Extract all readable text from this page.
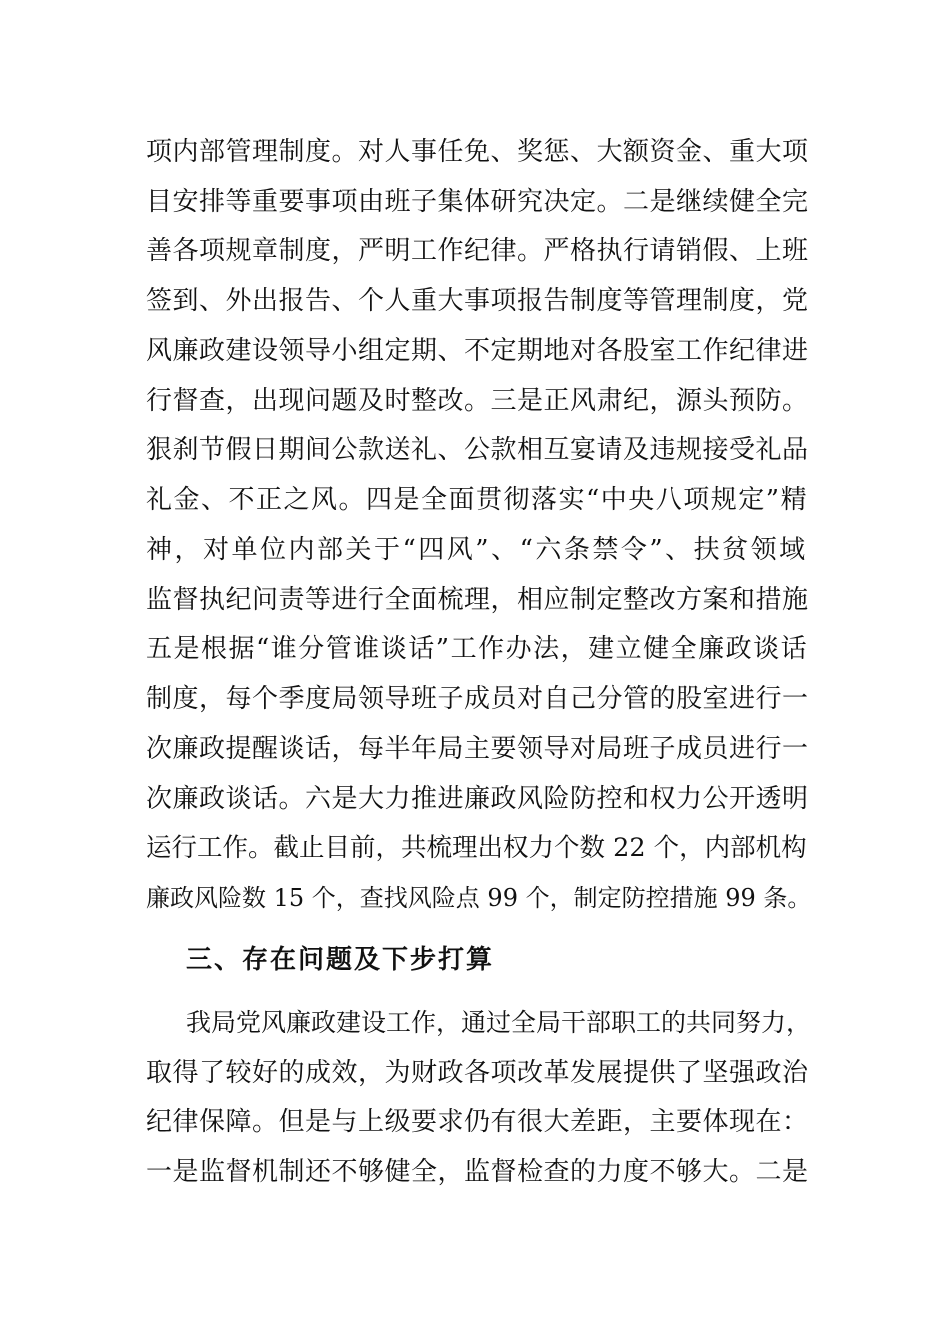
项内部管理制度。对人事任免、奖惩、大额资金、重大项
目安排等重要事项由班子集体研究决定。二是继续健全完
善各项规章制度，严明工作纪律。严格执行请销假、上班
签到、外出报告、个人重大事项报告制度等管理制度，党
风廉政建设领导小组定期、不定期地对各股室工作纪律进
行督查，出现问题及时整改。三是正风肃纪，源头预防。
狠刹节假日期间公款送礼、公款相互宴请及违规接受礼品
礼金、不正之风。四是全面贯彻落实“中央八项规定”精
神，对单位内部关于“四风”、“六条禁令”、扶贫领域
监督执纪问责等进行全面梳理，相应制定整改方案和措施
五是根据“谁分管谁谈话”工作办法，建立健全廉政谈话
制度，每个季度局领导班子成员对自己分管的股室进行一
次廉政提醒谈话，每半年局主要领导对局班子成员进行一
次廉政谈话。六是大力推进廉政风险防控和权力公开透明
运行工作。截止目前，共梳理出权力个数 22 个，内部机构
廉政风险数 15 个，查找风险点 99 个，制定防控措施 99 条。
三、存在问题及下步打算
我局党风廉政建设工作，通过全局干部职工的共同努力，
取得了较好的成效，为财政各项改革发展提供了坚强政治
纪律保障。但是与上级要求仍有很大差距，主要体现在：
一是监督机制还不够健全，监督检查的力度不够大。二是
